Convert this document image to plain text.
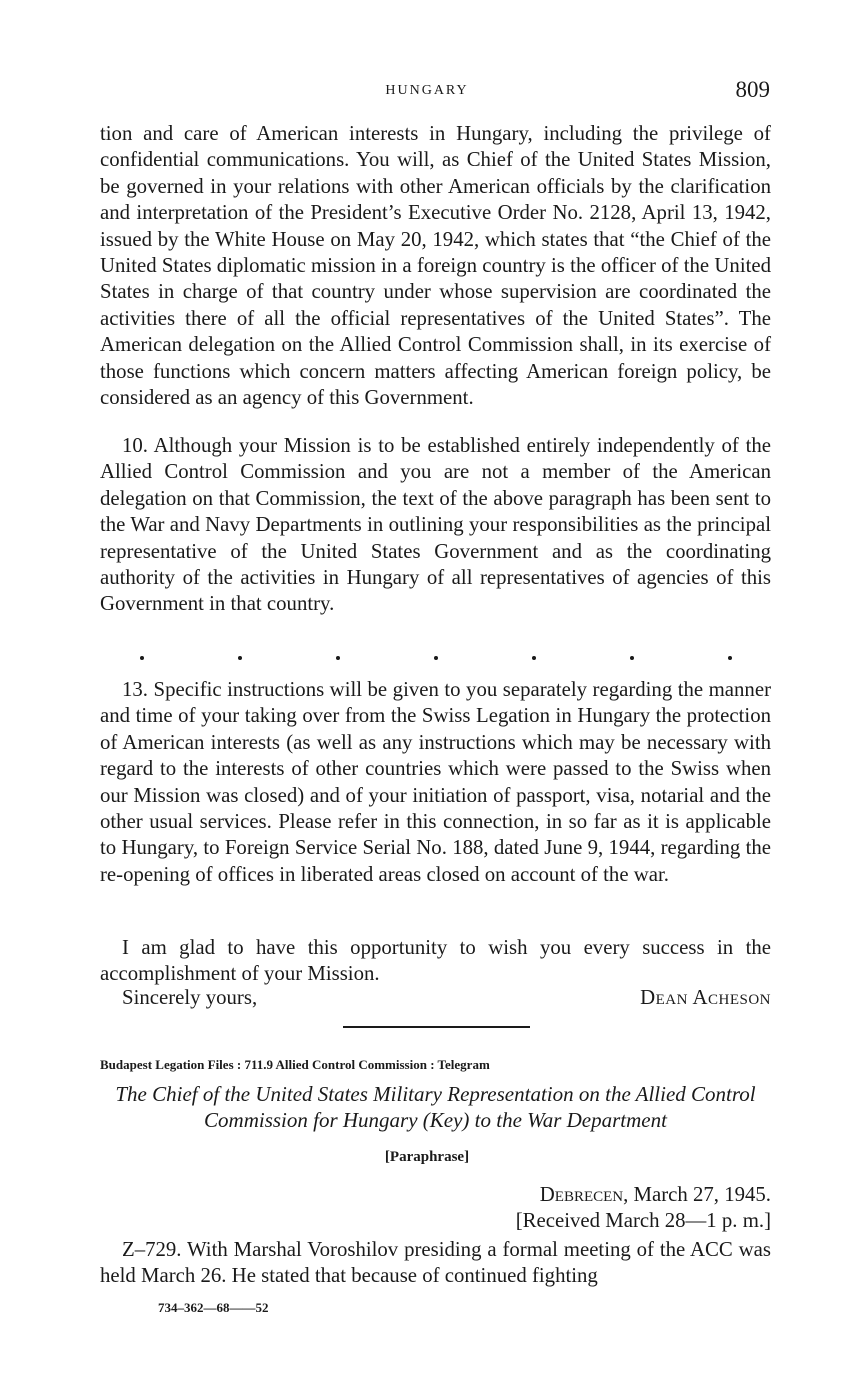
HUNGARY	809

tion and care of American interests in Hungary, including the privilege of confidential communications. You will, as Chief of the United States Mission, be governed in your relations with other American officials by the clarification and interpretation of the President’s Executive Order No. 2128, April 13, 1942, issued by the White House on May 20, 1942, which states that “the Chief of the United States diplomatic mission in a foreign country is the officer of the United States in charge of that country under whose supervision are coordinated the activities there of all the official representatives of the United States”. The American delegation on the Allied Control Commission shall, in its exercise of those functions which concern matters affecting American foreign policy, be considered as an agency of this Government.

10. Although your Mission is to be established entirely independently of the Allied Control Commission and you are not a member of the American delegation on that Commission, the text of the above paragraph has been sent to the War and Navy Departments in outlining your responsibilities as the principal representative of the United States Government and as the coordinating authority of the activities in Hungary of all representatives of agencies of this Government in that country.

13. Specific instructions will be given to you separately regarding the manner and time of your taking over from the Swiss Legation in Hungary the protection of American interests (as well as any instructions which may be necessary with regard to the interests of other countries which were passed to the Swiss when our Mission was closed) and of your initiation of passport, visa, notarial and the other usual services. Please refer in this connection, in so far as it is applicable to Hungary, to Foreign Service Serial No. 188, dated June 9, 1944, regarding the re-opening of offices in liberated areas closed on account of the war.

I am glad to have this opportunity to wish you every success in the accomplishment of your Mission.

Sincerely yours,	Dean Acheson
Budapest Legation Files : 711.9 Allied Control Commission : Telegram
The Chief of the United States Military Representation on the Allied Control Commission for Hungary (Key) to the War Department
[Paraphrase]
Debrecen, March 27, 1945.
[Received March 28—1 p. m.]

Z–729. With Marshal Voroshilov presiding a formal meeting of the ACC was held March 26. He stated that because of continued fighting

734–362—68——52
